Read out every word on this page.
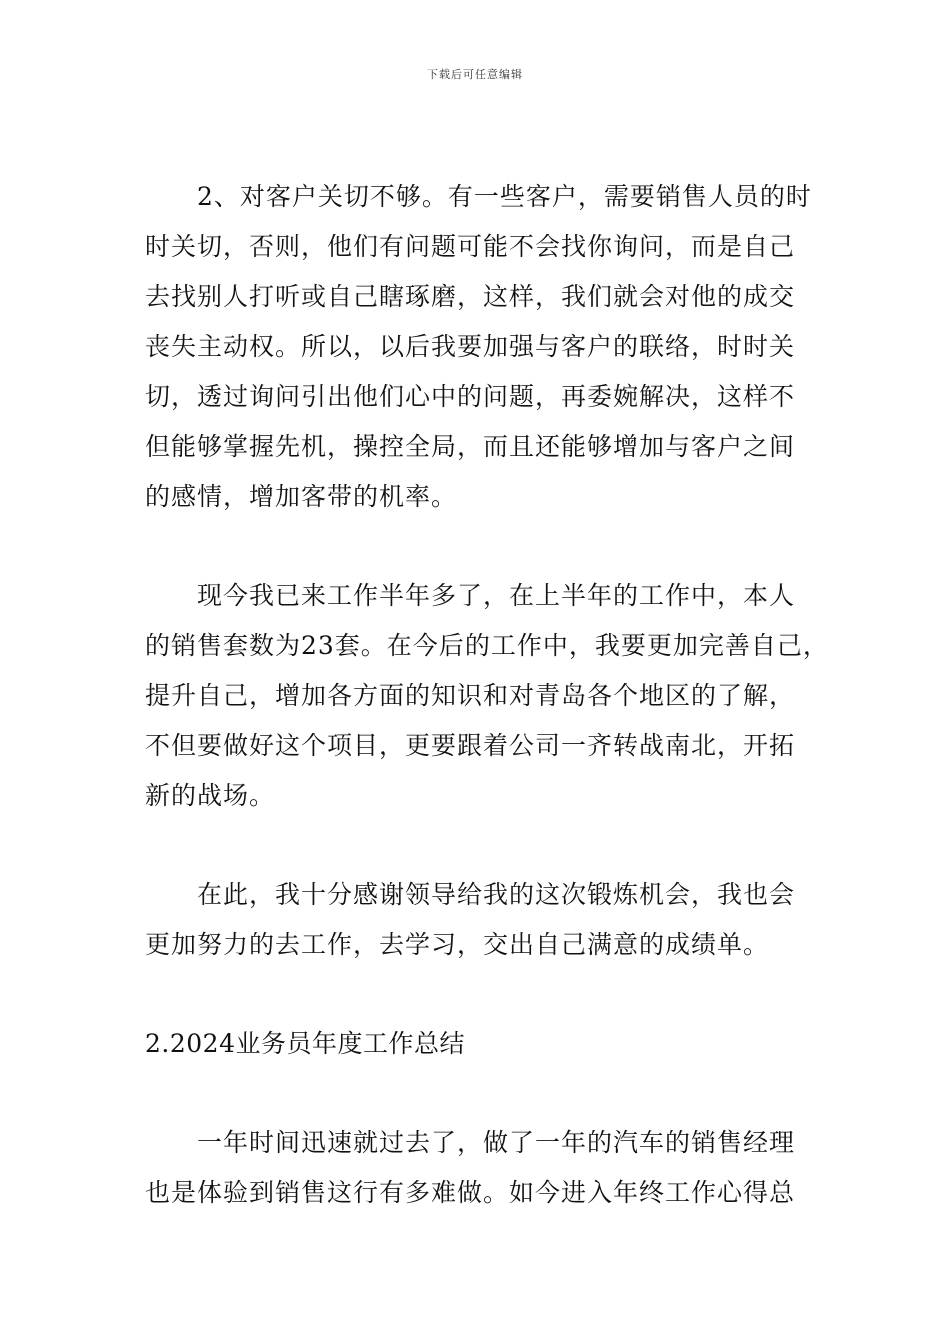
下载后可任意编辑

2、对客户关切不够。有一些客户，需要销售人员的时
时关切，否则，他们有问题可能不会找你询问，而是自己
去找别人打听或自己瞎琢磨，这样，我们就会对他的成交
丧失主动权。所以，以后我要加强与客户的联络，时时关
切，透过询问引出他们心中的问题，再委婉解决，这样不
但能够掌握先机，操控全局，而且还能够增加与客户之间
的感情，增加客带的机率。

现今我已来工作半年多了，在上半年的工作中，本人
的销售套数为23套。在今后的工作中，我要更加完善自己，
提升自己，增加各方面的知识和对青岛各个地区的了解，
不但要做好这个项目，更要跟着公司一齐转战南北，开拓
新的战场。

在此，我十分感谢领导给我的这次锻炼机会，我也会
更加努力的去工作，去学习，交出自己满意的成绩单。

2.2024业务员年度工作总结

一年时间迅速就过去了，做了一年的汽车的销售经理
也是体验到销售这行有多难做。如今进入年终工作心得总
